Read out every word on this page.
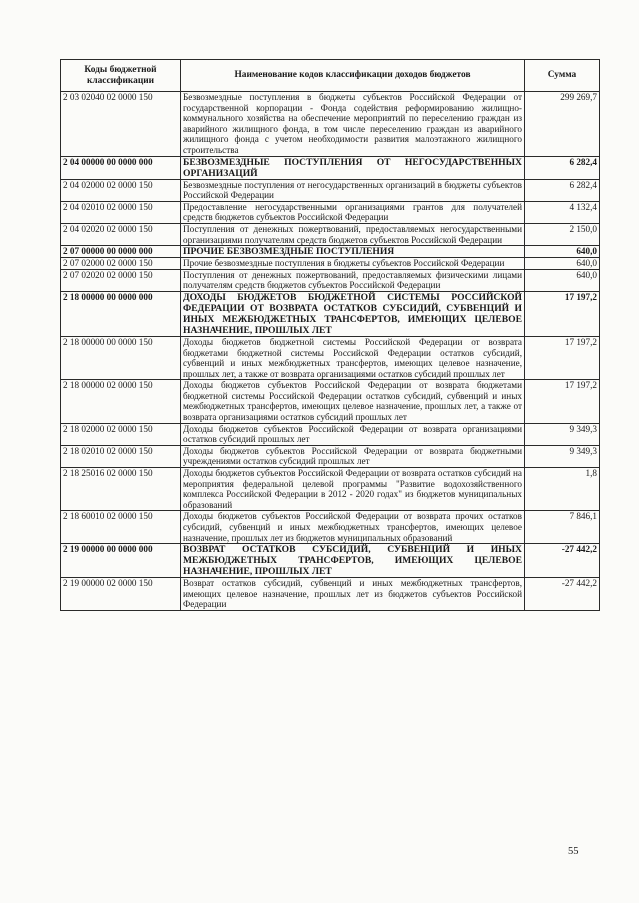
Коды бюджетной классификации	Наименование кодов классификации доходов бюджетов	Сумма
2 03 02040 02 0000 150	Безвозмездные поступления в бюджеты субъектов Российской Федерации от государственной корпорации - Фонда содействия реформированию жилищно-коммунального хозяйства на обеспечение мероприятий по переселению граждан из аварийного жилищного фонда, в том числе переселению граждан из аварийного жилищного фонда с учетом необходимости развития малоэтажного жилищного строительства	299 269,7
2 04 00000 00 0000 000	БЕЗВОЗМЕЗДНЫЕ ПОСТУПЛЕНИЯ ОТ НЕГОСУДАРСТВЕННЫХ ОРГАНИЗАЦИЙ	6 282,4
2 04 02000 02 0000 150	Безвозмездные поступления от негосударственных организаций в бюджеты субъектов Российской Федерации	6 282,4
2 04 02010 02 0000 150	Предоставление негосударственными организациями грантов для получателей средств бюджетов субъектов Российской Федерации	4 132,4
2 04 02020 02 0000 150	Поступления от денежных пожертвований, предоставляемых негосударственными организациями получателям средств бюджетов субъектов Российской Федерации	2 150,0
2 07 00000 00 0000 000	ПРОЧИЕ БЕЗВОЗМЕЗДНЫЕ ПОСТУПЛЕНИЯ	640,0
2 07 02000 02 0000 150	Прочие безвозмездные поступления в бюджеты субъектов Российской Федерации	640,0
2 07 02020 02 0000 150	Поступления от денежных пожертвований, предоставляемых физическими лицами получателям средств бюджетов субъектов Российской Федерации	640,0
2 18 00000 00 0000 000	ДОХОДЫ БЮДЖЕТОВ БЮДЖЕТНОЙ СИСТЕМЫ РОССИЙСКОЙ ФЕДЕРАЦИИ ОТ ВОЗВРАТА ОСТАТКОВ СУБСИДИЙ, СУБВЕНЦИЙ И ИНЫХ МЕЖБЮДЖЕТНЫХ ТРАНСФЕРТОВ, ИМЕЮЩИХ ЦЕЛЕВОЕ НАЗНАЧЕНИЕ, ПРОШЛЫХ ЛЕТ	17 197,2
2 18 00000 00 0000 150	Доходы бюджетов бюджетной системы Российской Федерации от возврата бюджетами бюджетной системы Российской Федерации остатков субсидий, субвенций и иных межбюджетных трансфертов, имеющих целевое назначение, прошлых лет, а также от возврата организациями остатков субсидий прошлых лет	17 197,2
2 18 00000 02 0000 150	Доходы бюджетов субъектов Российской Федерации от возврата бюджетами бюджетной системы Российской Федерации остатков субсидий, субвенций и иных межбюджетных трансфертов, имеющих целевое назначение, прошлых лет, а также от возврата организациями остатков субсидий прошлых лет	17 197,2
2 18 02000 02 0000 150	Доходы бюджетов субъектов Российской Федерации от возврата организациями остатков субсидий прошлых лет	9 349,3
2 18 02010 02 0000 150	Доходы бюджетов субъектов Российской Федерации от возврата бюджетными учреждениями остатков субсидий прошлых лет	9 349,3
2 18 25016 02 0000 150	Доходы бюджетов субъектов Российской Федерации от возврата остатков субсидий на мероприятия федеральной целевой программы "Развитие водохозяйственного комплекса Российской Федерации в 2012 - 2020 годах" из бюджетов муниципальных образований	1,8
2 18 60010 02 0000 150	Доходы бюджетов субъектов Российской Федерации от возврата прочих остатков субсидий, субвенций и иных межбюджетных трансфертов, имеющих целевое назначение, прошлых лет из бюджетов муниципальных образований	7 846,1
2 19 00000 00 0000 000	ВОЗВРАТ ОСТАТКОВ СУБСИДИЙ, СУБВЕНЦИЙ И ИНЫХ МЕЖБЮДЖЕТНЫХ ТРАНСФЕРТОВ, ИМЕЮЩИХ ЦЕЛЕВОЕ НАЗНАЧЕНИЕ, ПРОШЛЫХ ЛЕТ	-27 442,2
2 19 00000 02 0000 150	Возврат остатков субсидий, субвенций и иных межбюджетных трансфертов, имеющих целевое назначение, прошлых лет из бюджетов субъектов Российской Федерации	-27 442,2
55
